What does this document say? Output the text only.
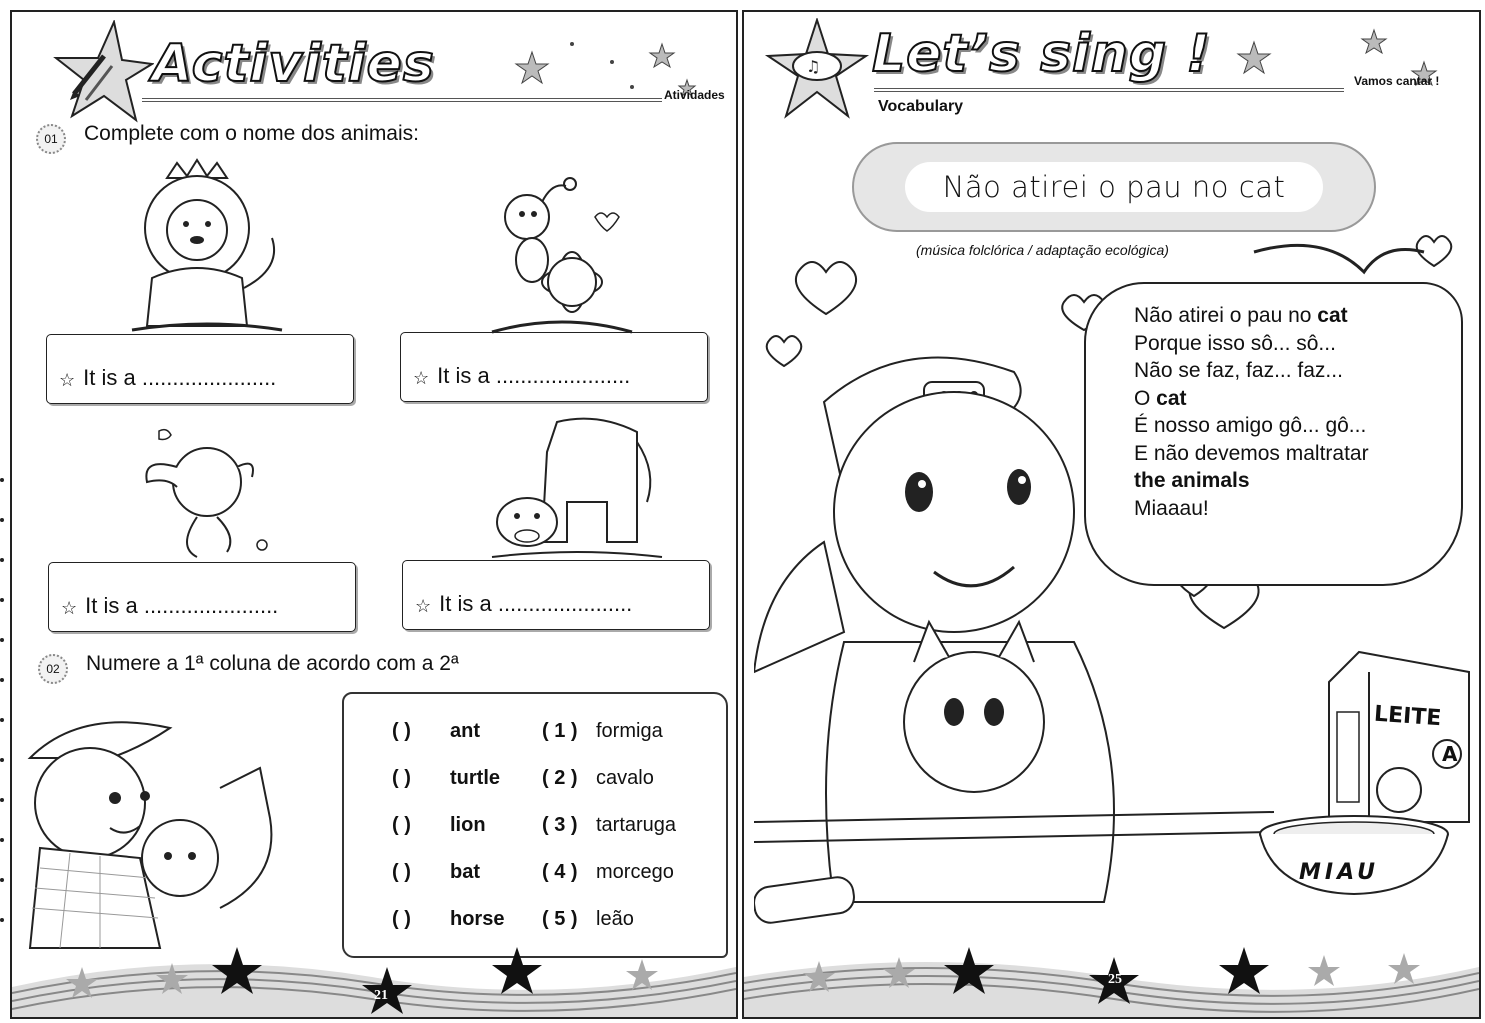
Activities
Atividades
01	Complete com o nome dos animais:
☆ It is a ......................	☆ It is a ......................
☆ It is a ......................	☆ It is a ......................
02	Numere a 1ª coluna de acordo com a 2ª
( )	ant	( 1 ) formiga
( )	turtle	( 2 ) cavalo
( )	lion	( 3 ) tartaruga
( )	bat	( 4 ) morcego
( )	horse	( 5 ) leão
21
♫ Let’s sing !	Vamos cantar !
Vocabulary
Não atirei o pau no cat
(música folclórica / adaptação ecológica)
Não atirei o pau no cat
Porque isso sô... sô...
Não se faz, faz... faz...
O cat
É nosso amigo gô... gô...
E não devemos maltratar
the animals
Miaaau!
LEITE
A
MIAU
25
